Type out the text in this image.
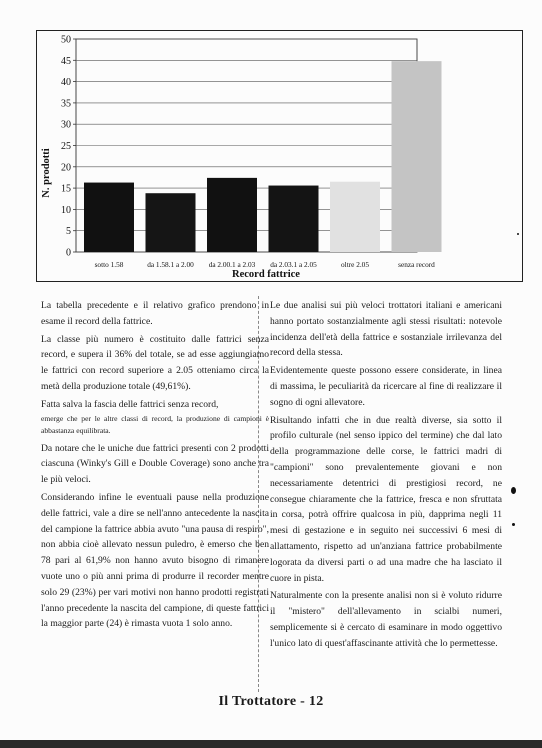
0
5
10
15
20
25
30
35
40
45
50
sotto 1.58	da 1.58.1 a 2.00 da 2.00.1 a 2.03 da 2.03.1 a 2.05	oltre 2.05	senza record
N. prodotti
Record fattrice

La tabella precedente e il relativo grafico prendono in esame il record della fattrice.

La classe più numero è costituito dalle fattrici senza record, e supera il 36% del totale, se ad esse aggiungiamo le fattrici con record superiore a 2.05 otteniamo circa la metà della produzione totale (49,61%).

Fatta salva la fascia delle fattrici senza record,

emerge che per le altre classi di record, la produzione di campioni è abbastanza equilibrata.

Da notare che le uniche due fattrici presenti con 2 prodotti ciascuna (Winky's Gill e Double Coverage) sono anche tra le più veloci.

Considerando infine le eventuali pause nella produzione delle fattrici, vale a dire se nell'anno antecedente la nascita del campione la fattrice abbia avuto "una pausa di respiro", non abbia cioè allevato nessun puledro, è emerso che ben 78 pari al 61,9% non hanno avuto bisogno di rimanere vuote uno o più anni prima di produrre il recorder mentre solo 29 (23%) per vari motivi non hanno prodotti registrati l'anno precedente la nascita del campione, di queste fattrici la maggior parte (24) è rimasta vuota 1 solo anno.

Le due analisi sui più veloci trottatori italiani e americani hanno portato sostanzialmente agli stessi risultati: notevole incidenza dell'età della fattrice e sostanziale irrilevanza del record della stessa.

Evidentemente queste possono essere considerate, in linea di massima, le peculiarità da ricercare al fine di realizzare il sogno di ogni allevatore.

Risultando infatti che in due realtà diverse, sia sotto il profilo culturale (nel senso ippico del termine) che dal lato della programmazione delle corse, le fattrici madri di "campioni" sono prevalentemente giovani e non necessariamente detentrici di prestigiosi record, ne consegue chiaramente che la fattrice, fresca e non sfruttata in corsa, potrà offrire qualcosa in più, dapprima negli 11 mesi di gestazione e in seguito nei successivi 6 mesi di allattamento, rispetto ad un'anziana fattrice probabilmente logorata da diversi parti o ad una madre che ha lasciato il cuore in pista.

Naturalmente con la presente analisi non si è voluto ridurre il "mistero" dell'allevamento in scialbi numeri, semplicemente si è cercato di esaminare in modo oggettivo l'unico lato di quest'affascinante attività che lo permettesse.

Il Trottatore - 12
